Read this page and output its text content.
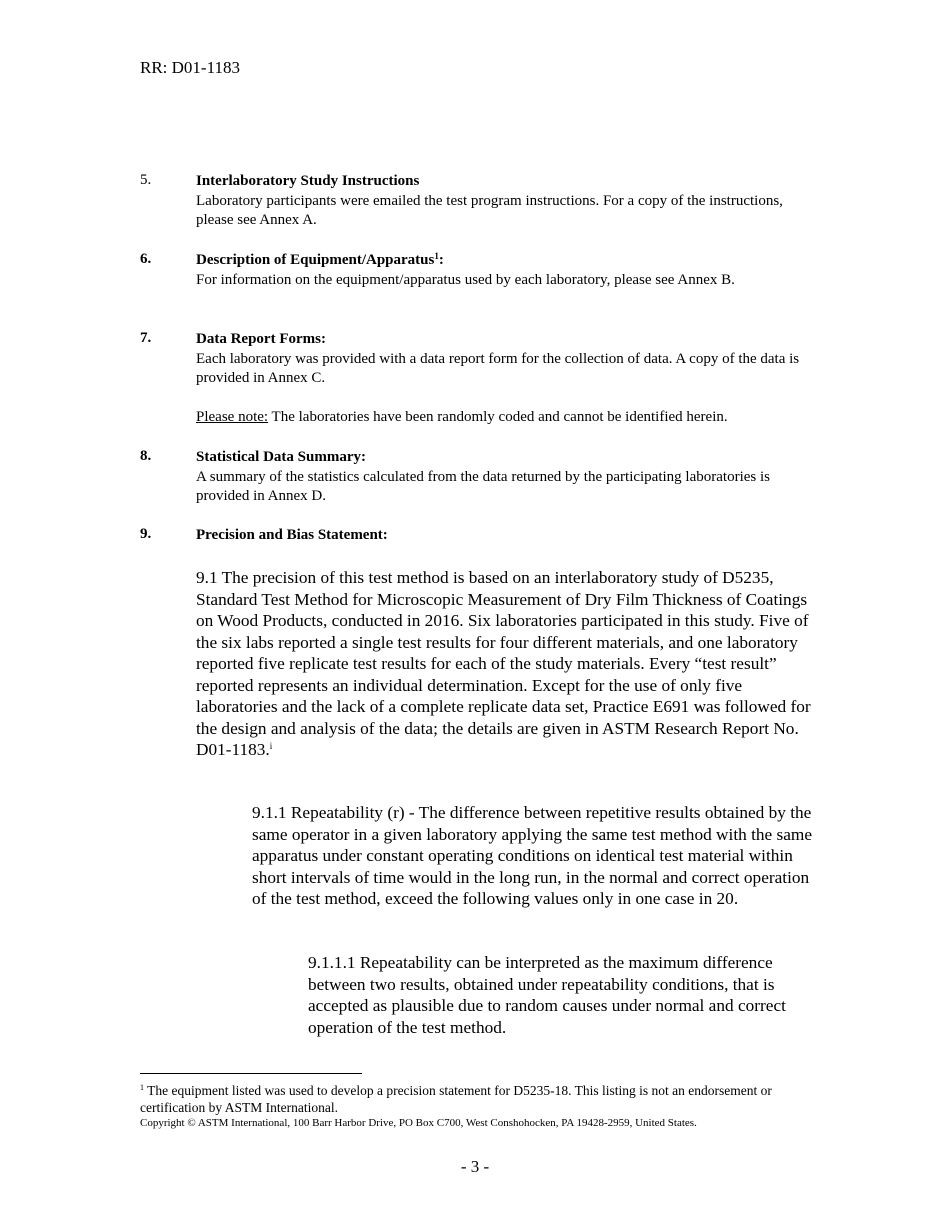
RR: D01-1183
5.	Interlaboratory Study Instructions
Laboratory participants were emailed the test program instructions. For a copy of the instructions, please see Annex A.
6.	Description of Equipment/Apparatus$^1$:
For information on the equipment/apparatus used by each laboratory, please see Annex B.
7.	Data Report Forms:
Each laboratory was provided with a data report form for the collection of data. A copy of the data is provided in Annex C.
Please note: The laboratories have been randomly coded and cannot be identified herein.
8.	Statistical Data Summary:
A summary of the statistics calculated from the data returned by the participating laboratories is provided in Annex D.
9.	Precision and Bias Statement:
9.1 The precision of this test method is based on an interlaboratory study of D5235, Standard Test Method for Microscopic Measurement of Dry Film Thickness of Coatings on Wood Products, conducted in 2016. Six laboratories participated in this study. Five of the six labs reported a single test results for four different materials, and one laboratory reported five replicate test results for each of the study materials. Every “test result” reported represents an individual determination. Except for the use of only five laboratories and the lack of a complete replicate data set, Practice E691 was followed for the design and analysis of the data; the details are given in ASTM Research Report No. D01-1183.$^i$
9.1.1 Repeatability (r) - The difference between repetitive results obtained by the same operator in a given laboratory applying the same test method with the same apparatus under constant operating conditions on identical test material within short intervals of time would in the long run, in the normal and correct operation of the test method, exceed the following values only in one case in 20.
9.1.1.1 Repeatability can be interpreted as the maximum difference between two results, obtained under repeatability conditions, that is accepted as plausible due to random causes under normal and correct operation of the test method.
$^1$ The equipment listed was used to develop a precision statement for D5235-18. This listing is not an endorsement or certification by ASTM International.
Copyright © ASTM International, 100 Barr Harbor Drive, PO Box C700, West Conshohocken, PA 19428-2959, United States.
- 3 -
